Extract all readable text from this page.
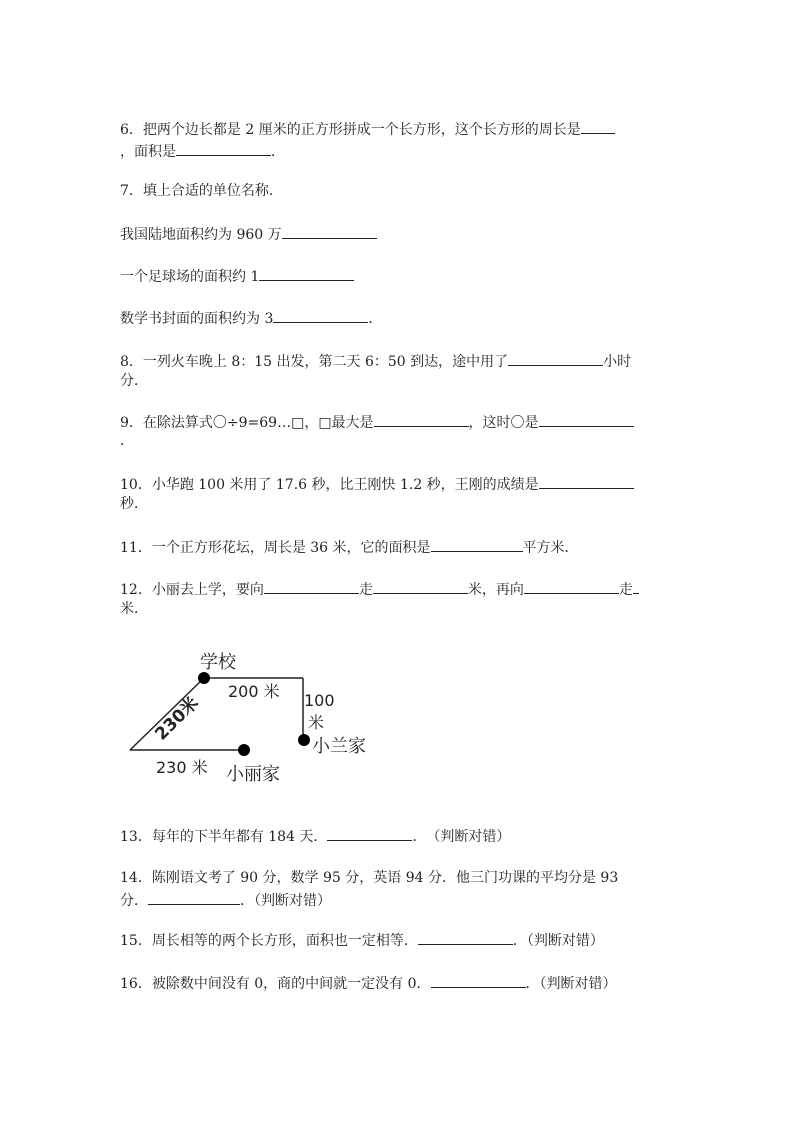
6．把两个边长都是 2 厘米的正方形拼成一个长方形，这个长方形的周长是
，面积是	．
7．填上合适的单位名称．
我国陆地面积约为 960 万
一个足球场的面积约 1
数学书封面的面积约为 3	．
8．一列火车晚上 8：15 出发，第二天 6：50 到达，途中用了	小时
分．
9．在除法算式〇÷9=69…□，□最大是	，这时〇是
．
10．小华跑 100 米用了 17.6 秒，比王刚快 1.2 秒，王刚的成绩是
秒．
11．一个正方形花坛，周长是 36 米，它的面积是	平方米．
12．小丽去上学，要向	走	米，再向	走
米．
学校
200 米 100
米
小兰家
230米
230 米 小丽家
13．每年的下半年都有 184 天．	．　（判断对错）
14．陈刚语文考了 90 分，数学 95 分，英语 94 分．他三门功课的平均分是 93
分．	．（判断对错）
15．周长相等的两个长方形，面积也一定相等．	．（判断对错）
16．被除数中间没有 0，商的中间就一定没有 0．	．（判断对错）
